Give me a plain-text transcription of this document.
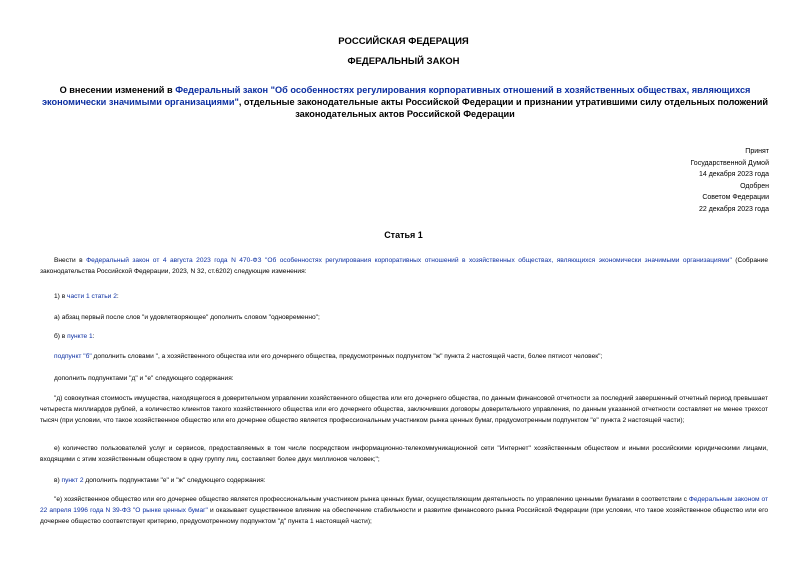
РОССИЙСКАЯ ФЕДЕРАЦИЯ
ФЕДЕРАЛЬНЫЙ ЗАКОН
О внесении изменений в Федеральный закон "Об особенностях регулирования корпоративных отношений в хозяйственных обществах, являющихся экономически значимыми организациями", отдельные законодательные акты Российской Федерации и признании утратившими силу отдельных положений законодательных актов Российской Федерации
Принят
Государственной Думой
14 декабря 2023 года
Одобрен
Советом Федерации
22 декабря 2023 года
Статья 1
Внести в Федеральный закон от 4 августа 2023 года N 470-ФЗ "Об особенностях регулирования корпоративных отношений в хозяйственных обществах, являющихся экономически значимыми организациями" (Собрание законодательства Российской Федерации, 2023, N 32, ст.6202) следующие изменения:
1) в части 1 статьи 2:
а) абзац первый после слов "и удовлетворяющее" дополнить словом "одновременно";
б) в пункте 1:
подпункт "б" дополнить словами ", а хозяйственного общества или его дочернего общества, предусмотренных подпунктом "ж" пункта 2 настоящей части, более пятисот человек";
дополнить подпунктами "д" и "е" следующего содержания:
"д) совокупная стоимость имущества, находящегося в доверительном управлении хозяйственного общества или его дочернего общества, по данным финансовой отчетности за последний завершенный отчетный период превышает четыреста миллиардов рублей, а количество клиентов такого хозяйственного общества или его дочернего общества, заключивших договоры доверительного управления, по данным указанной отчетности составляет не менее трехсот тысяч (при условии, что такое хозяйственное общество или его дочернее общество является профессиональным участником рынка ценных бумаг, предусмотренным подпунктом "е" пункта 2 настоящей части);
е) количество пользователей услуг и сервисов, предоставляемых в том числе посредством информационно-телекоммуникационной сети "Интернет" хозяйственным обществом и иными российскими юридическими лицами, входящими с этим хозяйственным обществом в одну группу лиц, составляет более двух миллионов человек;";
в) пункт 2 дополнить подпунктами "е" и "ж" следующего содержания:
"е) хозяйственное общество или его дочернее общество является профессиональным участником рынка ценных бумаг, осуществляющим деятельность по управлению ценными бумагами в соответствии с Федеральным законом от 22 апреля 1996 года N 39-ФЗ "О рынке ценных бумаг" и оказывает существенное влияние на обеспечение стабильности и развитие финансового рынка Российской Федерации (при условии, что такое хозяйственное общество или его дочернее общество соответствует критерию, предусмотренному подпунктом "д" пункта 1 настоящей части);
